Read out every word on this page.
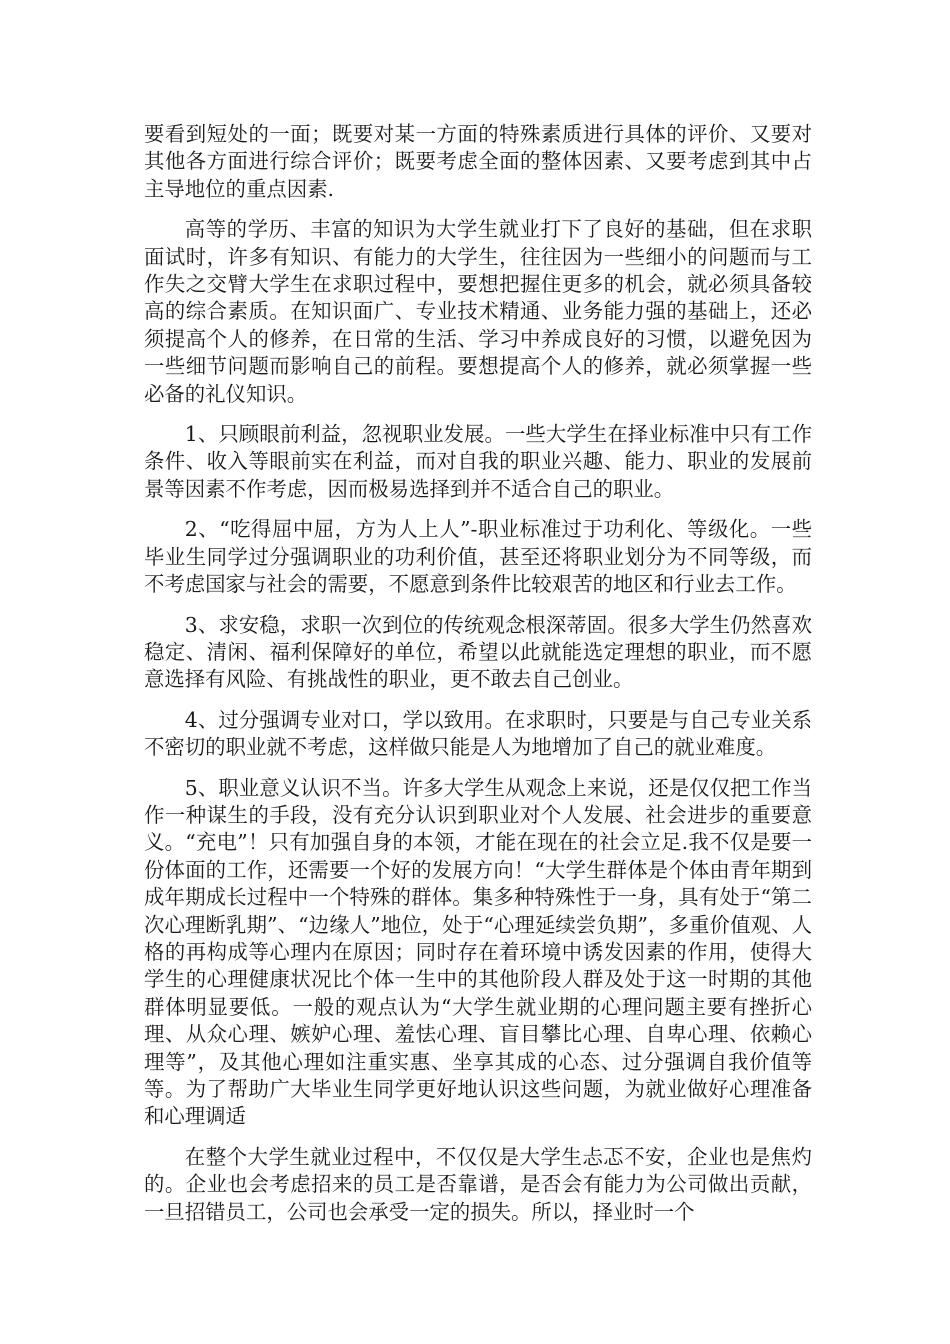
要看到短处的一面；既要对某一方面的特殊素质进行具体的评价、又要对其他各方面进行综合评价；既要考虑全面的整体因素、又要考虑到其中占主导地位的重点因素.

高等的学历、丰富的知识为大学生就业打下了良好的基础，但在求职面试时，许多有知识、有能力的大学生，往往因为一些细小的问题而与工作失之交臂大学生在求职过程中，要想把握住更多的机会，就必须具备较高的综合素质。在知识面广、专业技术精通、业务能力强的基础上，还必须提高个人的修养，在日常的生活、学习中养成良好的习惯，以避免因为一些细节问题而影响自己的前程。要想提高个人的修养，就必须掌握一些必备的礼仪知识。

1、只顾眼前利益，忽视职业发展。一些大学生在择业标准中只有工作条件、收入等眼前实在利益，而对自我的职业兴趣、能力、职业的发展前景等因素不作考虑，因而极易选择到并不适合自己的职业。

2、“吃得屈中屈，方为人上人”-职业标准过于功利化、等级化。一些毕业生同学过分强调职业的功利价值，甚至还将职业划分为不同等级，而不考虑国家与社会的需要，不愿意到条件比较艰苦的地区和行业去工作。

3、求安稳，求职一次到位的传统观念根深蒂固。很多大学生仍然喜欢稳定、清闲、福利保障好的单位，希望以此就能选定理想的职业，而不愿意选择有风险、有挑战性的职业，更不敢去自己创业。

4、过分强调专业对口，学以致用。在求职时，只要是与自己专业关系不密切的职业就不考虑，这样做只能是人为地增加了自己的就业难度。

5、职业意义认识不当。许多大学生从观念上来说，还是仅仅把工作当作一种谋生的手段，没有充分认识到职业对个人发展、社会进步的重要意义。“充电”！只有加强自身的本领，才能在现在的社会立足.我不仅是要一份体面的工作，还需要一个好的发展方向！“大学生群体是个体由青年期到成年期成长过程中一个特殊的群体。集多种特殊性于一身，具有处于“第二次心理断乳期”、“边缘人”地位，处于“心理延续尝负期”，多重价值观、人格的再构成等心理内在原因；同时存在着环境中诱发因素的作用，使得大学生的心理健康状况比个体一生中的其他阶段人群及处于这一时期的其他群体明显要低。一般的观点认为“大学生就业期的心理问题主要有挫折心理、从众心理、嫉妒心理、羞怯心理、盲目攀比心理、自卑心理、依赖心理等”，及其他心理如注重实惠、坐享其成的心态、过分强调自我价值等等。为了帮助广大毕业生同学更好地认识这些问题，为就业做好心理准备和心理调适

在整个大学生就业过程中，不仅仅是大学生忐忑不安，企业也是焦灼的。企业也会考虑招来的员工是否靠谱，是否会有能力为公司做出贡献，一旦招错员工，公司也会承受一定的损失。所以，择业时一个
